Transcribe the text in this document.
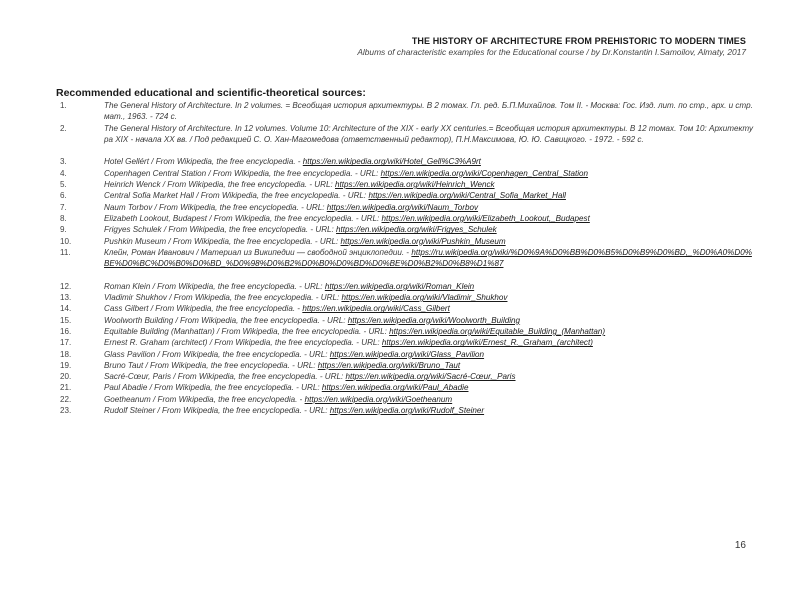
THE HISTORY OF ARCHITECTURE FROM PREHISTORIC TO MODERN TIMES
Albums of characteristic examples for the Educational course / by Dr.Konstantin I.Samoilov, Almaty, 2017
Recommended educational and scientific-theoretical sources:
1.	The General History of Architecture. In 2 volumes. = Всеобщая история архитектуры. В 2 томах. Гл. ред. Б.П.Михайлов. Том II. - Москва: Гос. Изд. лит. по стр., арх. и стр. мат., 1963. - 724 с.
2.	The General History of Architecture. In 12 volumes. Volume 10: Architecture of the XIX - early XX centuries.= Всеобщая история архитектуры. В 12 томах. Том 10: Архитектура XIX - начала XX вв. / Под редакцией С. О. Хан-Магомедова (ответственный редактор), П.Н.Максимова, Ю. Ю. Савицкого. - 1972. - 592 с.
3.	Hotel Gellért / From Wikipedia, the free encyclopedia. - https://en.wikipedia.org/wiki/Hotel_Gell%C3%A9rt
4.	Copenhagen Central Station / From Wikipedia, the free encyclopedia. - URL: https://en.wikipedia.org/wiki/Copenhagen_Central_Station
5.	Heinrich Wenck / From Wikipedia, the free encyclopedia. - URL: https://en.wikipedia.org/wiki/Heinrich_Wenck
6.	Central Sofia Market Hall / From Wikipedia, the free encyclopedia. - URL: https://en.wikipedia.org/wiki/Central_Sofia_Market_Hall
7.	Naum Torbov / From Wikipedia, the free encyclopedia. - URL: https://en.wikipedia.org/wiki/Naum_Torbov
8.	Elizabeth Lookout, Budapest / From Wikipedia, the free encyclopedia. - URL: https://en.wikipedia.org/wiki/Elizabeth_Lookout,_Budapest
9.	Frigyes Schulek / From Wikipedia, the free encyclopedia. - URL: https://en.wikipedia.org/wiki/Frigyes_Schulek
10.	Pushkin Museum / From Wikipedia, the free encyclopedia. - URL: https://en.wikipedia.org/wiki/Pushkin_Museum
11.	Клейн, Роман Иванович / Материал из Википедии — свободной энциклопедии. - https://ru.wikipedia.org/wiki/%D0%9A%D0%BB%D0%B5%D0%B9%D0%BD,_%D0%A0%D0%BE%D0%BC%D0%B0%D0%BD_%D0%98%D0%B2%D0%B0%D0%BD%D0%BE%D0%B2%D0%B8%D1%87
12.	Roman Klein / From Wikipedia, the free encyclopedia. - URL: https://en.wikipedia.org/wiki/Roman_Klein
13.	Vladimir Shukhov / From Wikipedia, the free encyclopedia. - URL: https://en.wikipedia.org/wiki/Vladimir_Shukhov
14.	Cass Gilbert / From Wikipedia, the free encyclopedia. - https://en.wikipedia.org/wiki/Cass_Gilbert
15.	Woolworth Building / From Wikipedia, the free encyclopedia. - URL: https://en.wikipedia.org/wiki/Woolworth_Building
16.	Equitable Building (Manhattan) / From Wikipedia, the free encyclopedia. - URL: https://en.wikipedia.org/wiki/Equitable_Building_(Manhattan)
17.	Ernest R. Graham (architect) / From Wikipedia, the free encyclopedia. - URL: https://en.wikipedia.org/wiki/Ernest_R._Graham_(architect)
18.	Glass Pavilion / From Wikipedia, the free encyclopedia. - URL: https://en.wikipedia.org/wiki/Glass_Pavilion
19.	Bruno Taut / From Wikipedia, the free encyclopedia. - URL: https://en.wikipedia.org/wiki/Bruno_Taut
20.	Sacré-Cœur, Paris / From Wikipedia, the free encyclopedia. - URL: https://en.wikipedia.org/wiki/Sacré-Cœur,_Paris
21.	Paul Abadie / From Wikipedia, the free encyclopedia. - URL: https://en.wikipedia.org/wiki/Paul_Abadie
22.	Goetheanum / From Wikipedia, the free encyclopedia. - https://en.wikipedia.org/wiki/Goetheanum
23.	Rudolf Steiner / From Wikipedia, the free encyclopedia. - URL: https://en.wikipedia.org/wiki/Rudolf_Steiner
16
